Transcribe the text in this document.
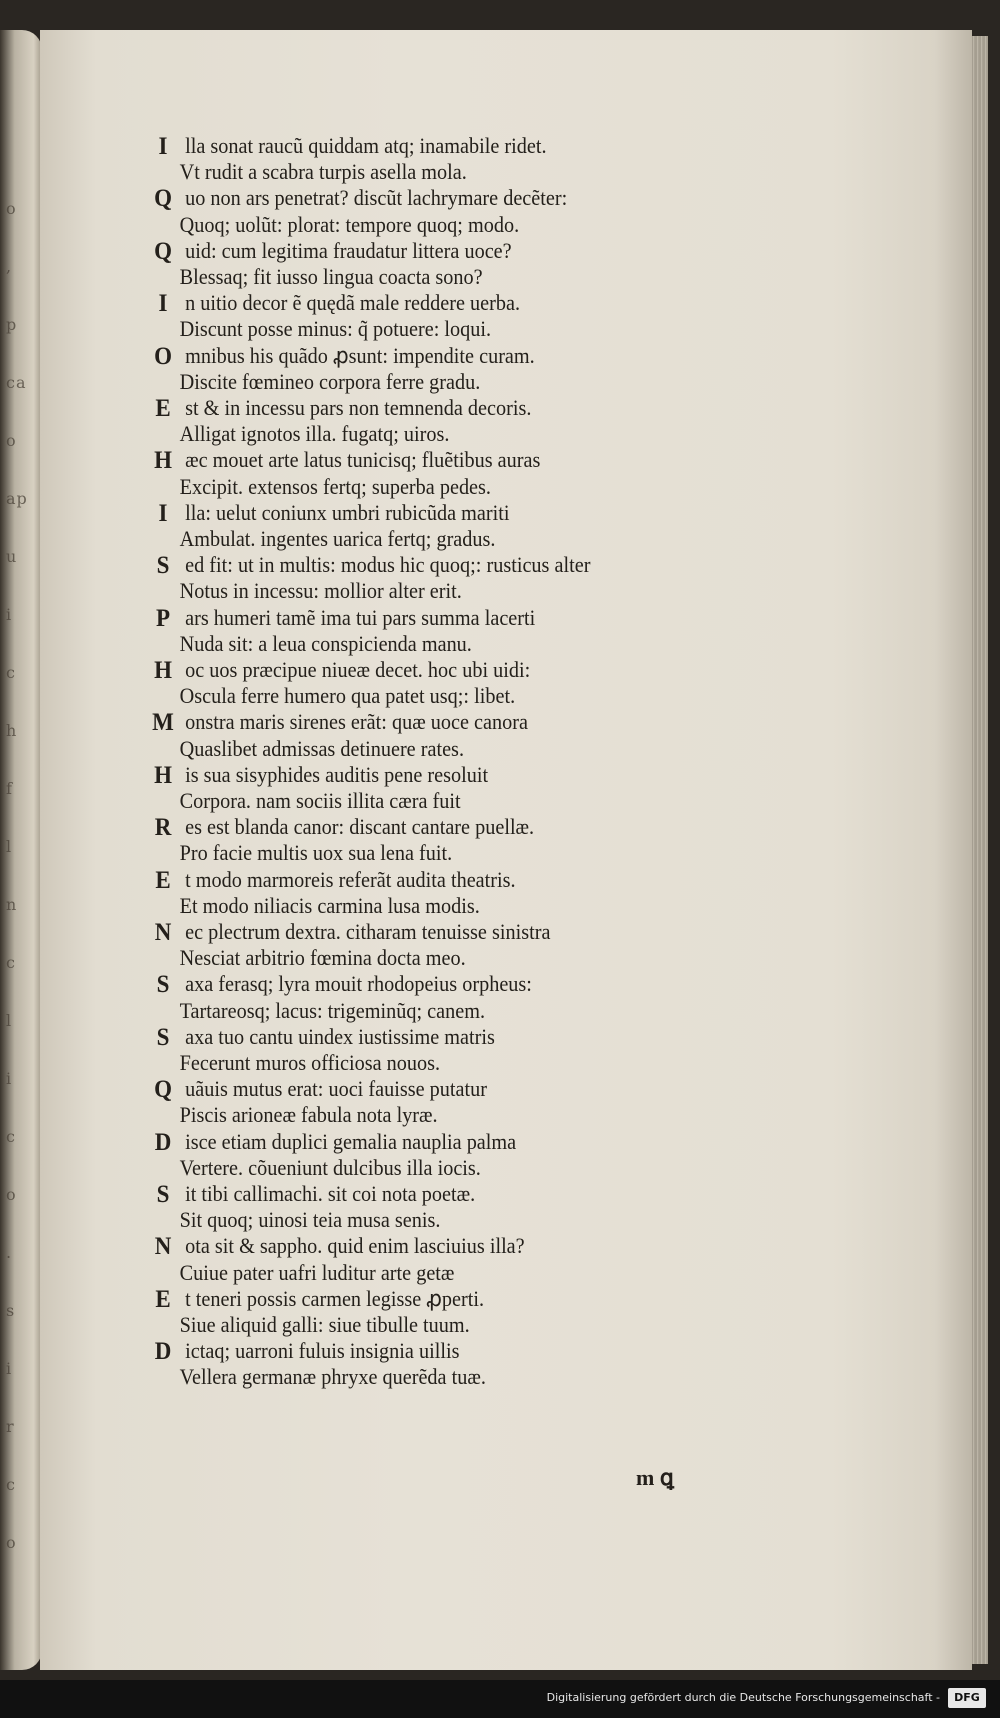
o
,
p
ca
o
ap
u
i
c
h
f
l
n
c
l
i
c
o
.
s
i
r
c
o
I lla sonat raucũ quiddam atq; inamabile ridet.
Vt rudit a scabra turpis asella mola.
Q uo non ars penetrat? discũt lachrymare decẽter:
Quoq; uolũt: plorat: tempore quoq; modo.
Q uid: cum legitima fraudatur littera uoce?
Blessaq; fit iusso lingua coacta sono?
I n uitio decor ẽ quędã male reddere uerba.
Discunt posse minus: q̃ potuere: loqui.
O mnibus his quãdo ꝓsunt: impendite curam.
Discite fœmineo corpora ferre gradu.
E st & in incessu pars non temnenda decoris.
Alligat ignotos illa. fugatq; uiros.
H æc mouet arte latus tunicisq; fluẽtibus auras
Excipit. extensos fertq; superba pedes.
I lla: uelut coniunx umbri rubicũda mariti
Ambulat. ingentes uarica fertq; gradus.
S ed fit: ut in multis: modus hic quoq;: rusticus alter
Notus in incessu: mollior alter erit.
P ars humeri tamẽ ima tui pars summa lacerti
Nuda sit: a leua conspicienda manu.
H oc uos præcipue niueæ decet. hoc ubi uidi:
Oscula ferre humero qua patet usq;: libet.
M onstra maris sirenes erãt: quæ uoce canora
Quaslibet admissas detinuere rates.
H is sua sisyphides auditis pene resoluit
Corpora. nam sociis illita cæra fuit
R es est blanda canor: discant cantare puellæ.
Pro facie multis uox sua lena fuit.
E t modo marmoreis referãt audita theatris.
Et modo niliacis carmina lusa modis.
N ec plectrum dextra. citharam tenuisse sinistra
Nesciat arbitrio fœmina docta meo.
S axa ferasq; lyra mouit rhodopeius orpheus:
Tartareosq; lacus: trigeminũq; canem.
S axa tuo cantu uindex iustissime matris
Fecerunt muros officiosa nouos.
Q uãuis mutus erat: uoci fauisse putatur
Piscis arioneæ fabula nota lyræ.
D isce etiam duplici gemalia nauplia palma
Vertere. cõueniunt dulcibus illa iocis.
S it tibi callimachi. sit coi nota poetæ.
Sit quoq; uinosi teia musa senis.
N ota sit & sappho. quid enim lasciuius illa?
Cuiue pater uafri luditur arte getæ
E t teneri possis carmen legisse ꝓperti.
Siue aliquid galli: siue tibulle tuum.
D ictaq; uarroni fuluis insignia uillis
Vellera germanæ phryxe querẽda tuæ.
m ꝗ
Digitalisierung gefördert durch die Deutsche Forschungsgemeinschaft -	DFG
